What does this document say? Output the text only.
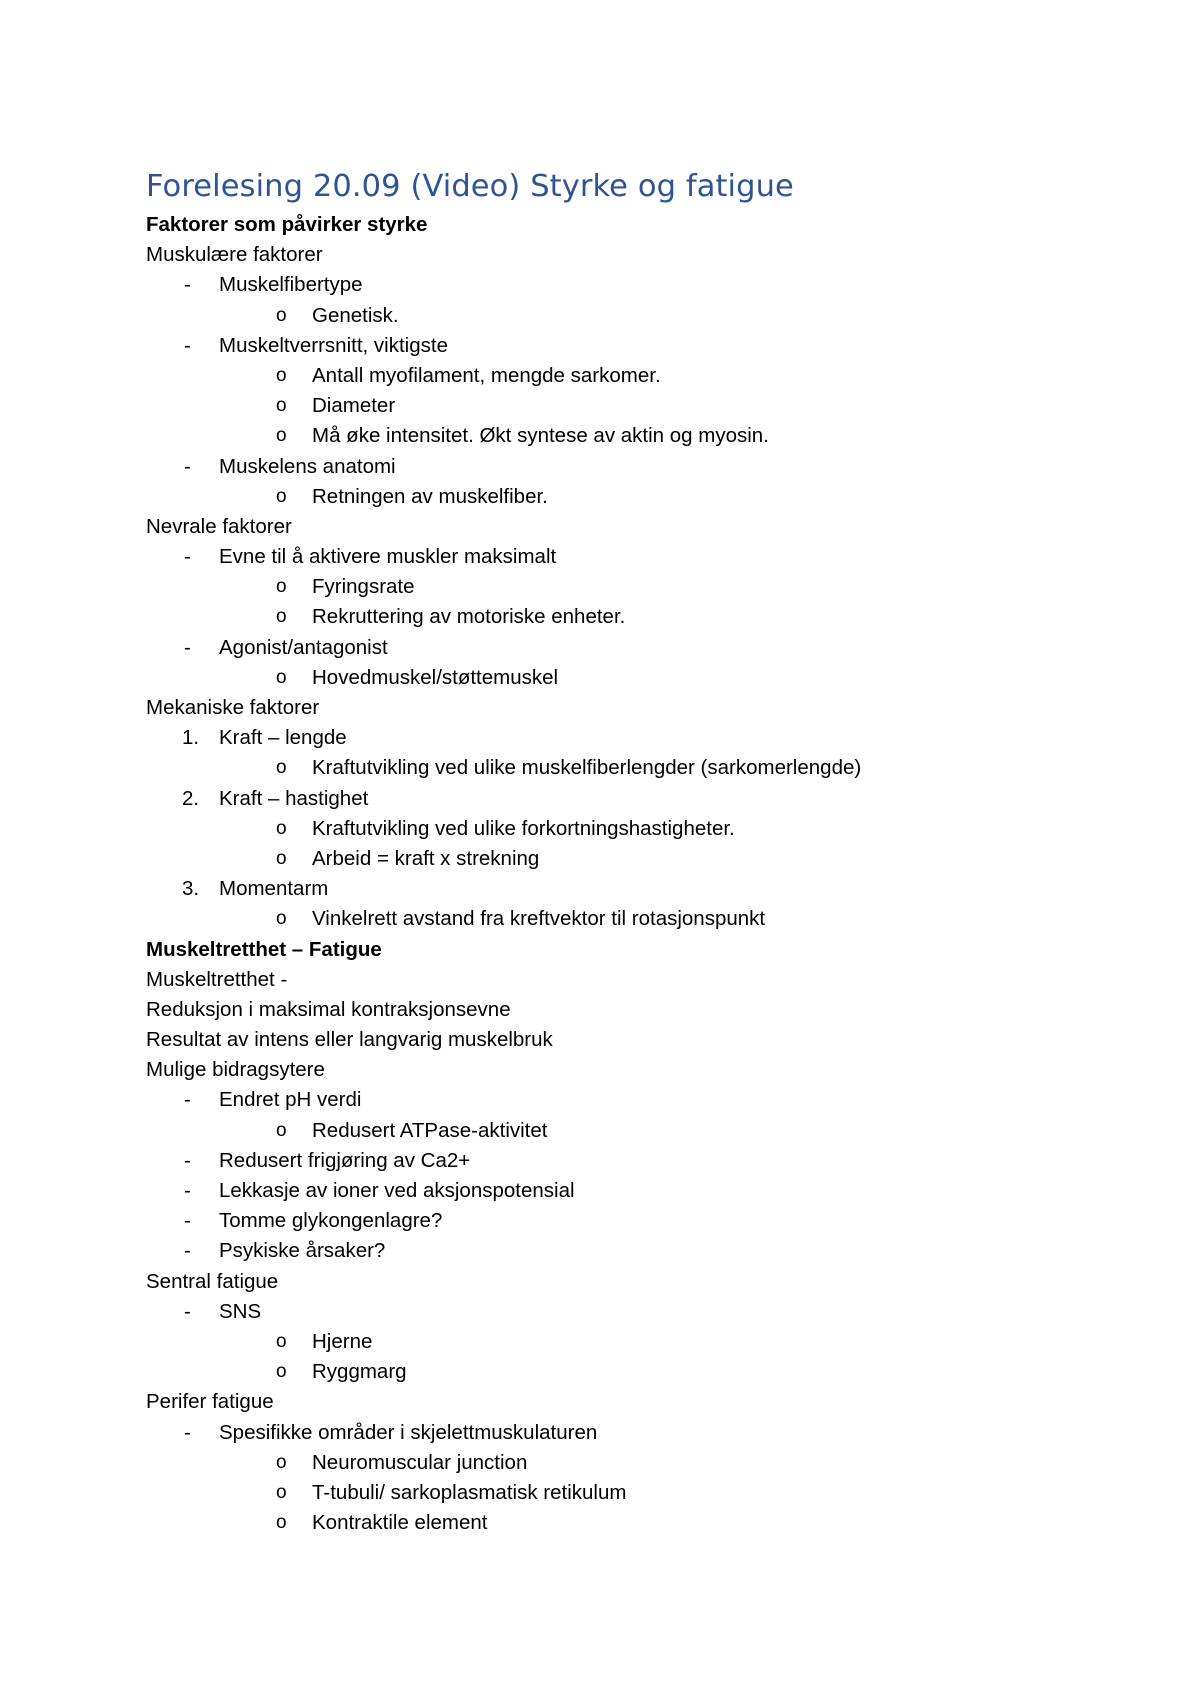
Forelesing 20.09 (Video) Styrke og fatigue
Faktorer som påvirker styrke
Muskulære faktorer
- Muskelfibertype
o Genetisk.
- Muskeltverrsnitt, viktigste
o Antall myofilament, mengde sarkomer.
o Diameter
o Må øke intensitet. Økt syntese av aktin og myosin.
- Muskelens anatomi
o Retningen av muskelfiber.
Nevrale faktorer
- Evne til å aktivere muskler maksimalt
o Fyringsrate
o Rekruttering av motoriske enheter.
- Agonist/antagonist
o Hovedmuskel/støttemuskel
Mekaniske faktorer
1. Kraft – lengde
o Kraftutvikling ved ulike muskelfiberlengder (sarkomerlengde)
2. Kraft – hastighet
o Kraftutvikling ved ulike forkortningshastigheter.
o Arbeid = kraft x strekning
3. Momentarm
o Vinkelrett avstand fra kreftvektor til rotasjonspunkt
Muskeltretthet – Fatigue
Muskeltretthet -
Reduksjon i maksimal kontraksjonsevne
Resultat av intens eller langvarig muskelbruk
Mulige bidragsytere
- Endret pH verdi
o Redusert ATPase-aktivitet
- Redusert frigjøring av Ca2+
- Lekkasje av ioner ved aksjonspotensial
- Tomme glykongenlagre?
- Psykiske årsaker?
Sentral fatigue
- SNS
o Hjerne
o Ryggmarg
Perifer fatigue
- Spesifikke områder i skjelettmuskulaturen
o Neuromuscular junction
o T-tubuli/ sarkoplasmatisk retikulum
o Kontraktile element
